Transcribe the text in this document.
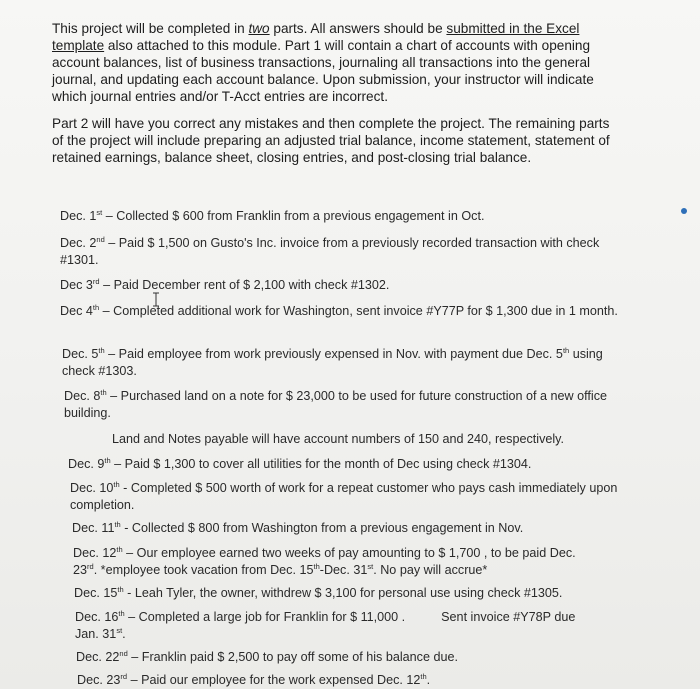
This project will be completed in two parts. All answers should be submitted in the Excel template also attached to this module. Part 1 will contain a chart of accounts with opening account balances, list of business transactions, journaling all transactions into the general journal, and updating each account balance. Upon submission, your instructor will indicate which journal entries and/or T-Acct entries are incorrect.

Part 2 will have you correct any mistakes and then complete the project. The remaining parts of the project will include preparing an adjusted trial balance, income statement, statement of retained earnings, balance sheet, closing entries, and post-closing trial balance.

Dec. 1st – Collected $ 600 from Franklin from a previous engagement in Oct.
Dec. 2nd – Paid $ 1,500 on Gusto's Inc. invoice from a previously recorded transaction with check #1301.
Dec 3rd – Paid December rent of $ 2,100 with check #1302.
Dec 4th – Completed additional work for Washington, sent invoice #Y77P for $ 1,300 due in 1 month.
Dec. 5th – Paid employee from work previously expensed in Nov. with payment due Dec. 5th using check #1303.
Dec. 8th – Purchased land on a note for $ 23,000 to be used for future construction of a new office building.
Land and Notes payable will have account numbers of 150 and 240, respectively.
Dec. 9th – Paid $ 1,300 to cover all utilities for the month of Dec using check #1304.
Dec. 10th - Completed $ 500 worth of work for a repeat customer who pays cash immediately upon completion.
Dec. 11th - Collected $ 800 from Washington from a previous engagement in Nov.
Dec. 12th – Our employee earned two weeks of pay amounting to $ 1,700 , to be paid Dec. 23rd. *employee took vacation from Dec. 15th-Dec. 31st. No pay will accrue*
Dec. 15th - Leah Tyler, the owner, withdrew $ 3,100 for personal use using check #1305.
Dec. 16th – Completed a large job for Franklin for $ 11,000 .	Sent invoice #Y78P due
Jan. 31st.
Dec. 22nd – Franklin paid $ 2,500 to pay off some of his balance due.
Dec. 23rd – Paid our employee for the work expensed Dec. 12th.
